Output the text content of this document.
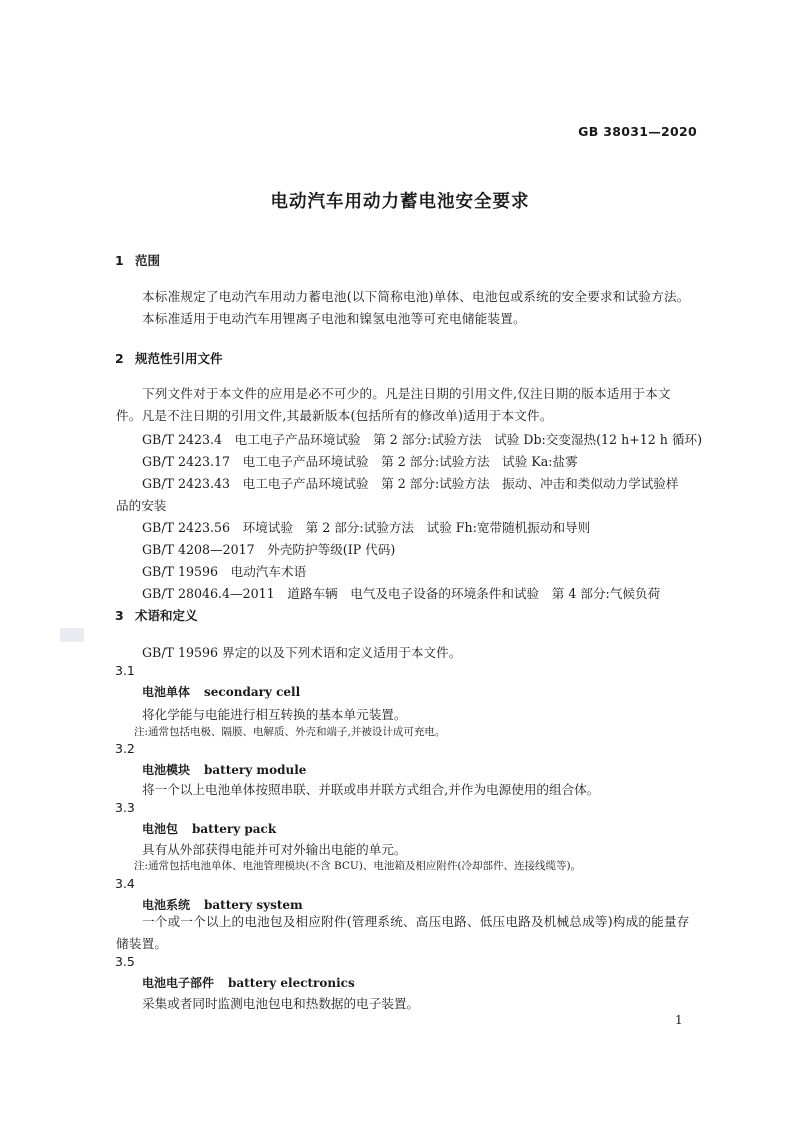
GB 38031—2020
电动汽车用动力蓄电池安全要求
1 范围
本标准规定了电动汽车用动力蓄电池(以下简称电池)单体、电池包或系统的安全要求和试验方法。
本标准适用于电动汽车用锂离子电池和镍氢电池等可充电储能装置。
2 规范性引用文件
下列文件对于本文件的应用是必不可少的。凡是注日期的引用文件,仅注日期的版本适用于本文件。凡是不注日期的引用文件,其最新版本(包括所有的修改单)适用于本文件。
GB/T 2423.4　电工电子产品环境试验　第 2 部分:试验方法　试验 Db:交变湿热(12 h+12 h 循环)
GB/T 2423.17　电工电子产品环境试验　第 2 部分:试验方法　试验 Ka:盐雾
GB/T 2423.43　电工电子产品环境试验　第 2 部分:试验方法　振动、冲击和类似动力学试验样
品的安装
GB/T 2423.56　环境试验　第 2 部分:试验方法　试验 Fh:宽带随机振动和导则
GB/T 4208—2017　外壳防护等级(IP 代码)
GB/T 19596　电动汽车术语
GB/T 28046.4—2011　道路车辆　电气及电子设备的环境条件和试验　第 4 部分:气候负荷
3 术语和定义
GB/T 19596 界定的以及下列术语和定义适用于本文件。
3.1
电池单体 secondary cell
将化学能与电能进行相互转换的基本单元装置。
注:通常包括电极、隔膜、电解质、外壳和端子,并被设计成可充电。
3.2
电池模块 battery module
将一个以上电池单体按照串联、并联或串并联方式组合,并作为电源使用的组合体。
3.3
电池包 battery pack
具有从外部获得电能并可对外输出电能的单元。
注:通常包括电池单体、电池管理模块(不含 BCU)、电池箱及相应附件(冷却部件、连接线缆等)。
3.4
电池系统 battery system
一个或一个以上的电池包及相应附件(管理系统、高压电路、低压电路及机械总成等)构成的能量存储装置。
3.5
电池电子部件 battery electronics
采集或者同时监测电池包电和热数据的电子装置。
1
